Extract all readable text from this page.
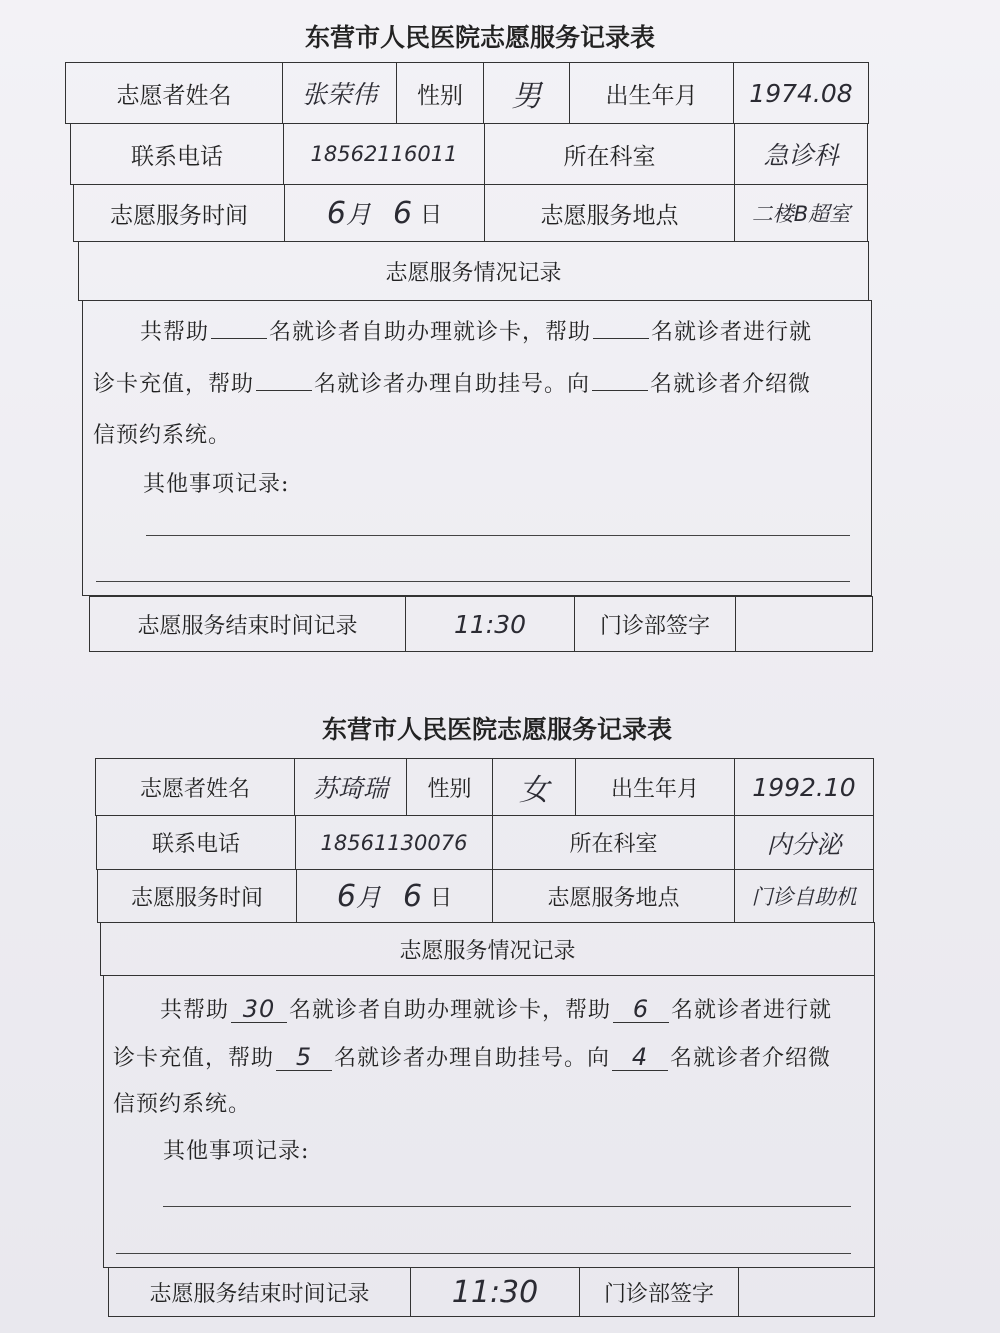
东营市人民医院志愿服务记录表
志愿者姓名	张荣伟	性别	男	出生年月	1974.08
联系电话	18562116011	所在科室	急诊科
志愿服务时间	6 月 6 日	志愿服务地点	二楼B超室
志愿服务情况记录
共帮助	名就诊者自助办理就诊卡，帮助	名就诊者进行就
诊卡充值，帮助	名就诊者办理自助挂号。向	名就诊者介绍微
信预约系统。
其他事项记录:
志愿服务结束时间记录	11:30	门诊部签字
东营市人民医院志愿服务记录表
志愿者姓名	苏琦瑞	性别	女	出生年月	1992.10
联系电话	18561130076	所在科室	内分泌
志愿服务时间	6 月 6 日	志愿服务地点	门诊自助机
志愿服务情况记录
共帮助 30 名就诊者自助办理就诊卡，帮助 6 名就诊者进行就
诊卡充值，帮助 5 名就诊者办理自助挂号。向 4 名就诊者介绍微
信预约系统。
其他事项记录:
志愿服务结束时间记录	11:30	门诊部签字
